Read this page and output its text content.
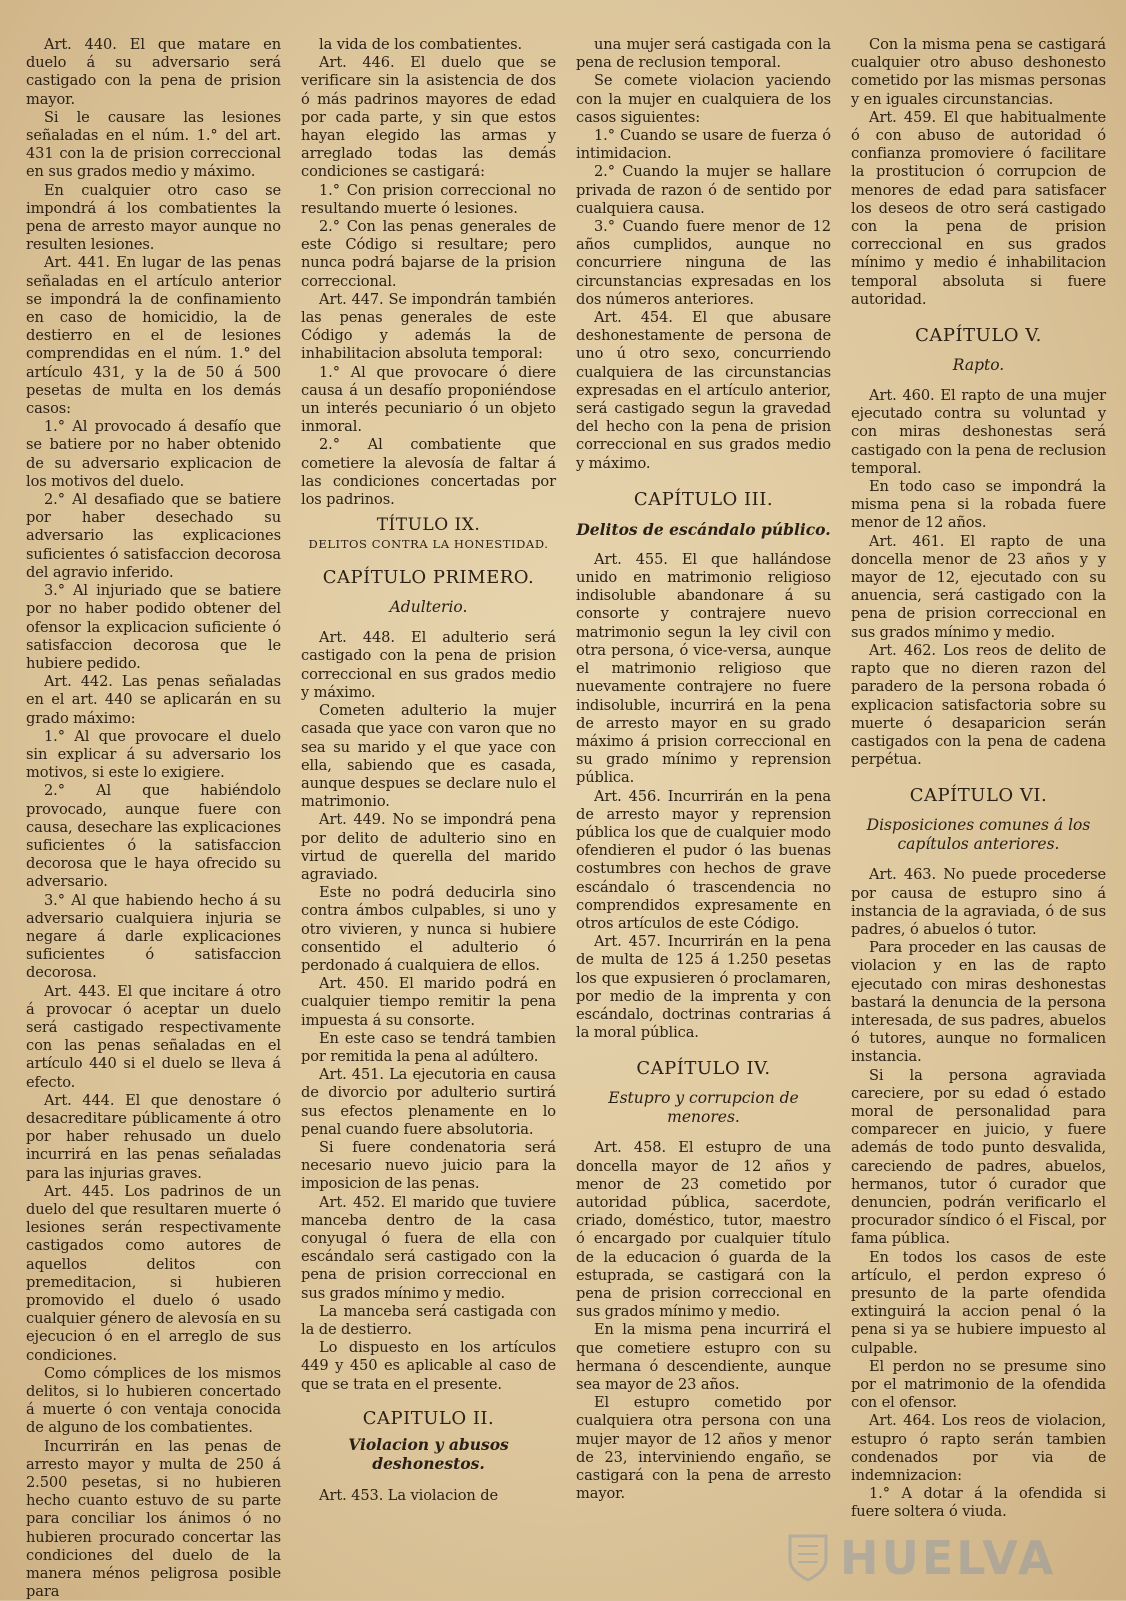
Art. 440. El que matare en duelo á su adversario será castigado con la pena de prision mayor.

Si le causare las lesiones señaladas en el núm. 1.° del art. 431 con la de prision correccional en sus grados medio y máximo.

En cualquier otro caso se impondrá á los combatientes la pena de arresto mayor aunque no resulten lesiones.

Art. 441. En lugar de las penas señaladas en el artículo anterior se impondrá la de confinamiento en caso de homicidio, la de destierro en el de lesiones comprendidas en el núm. 1.° del artículo 431, y la de 50 á 500 pesetas de multa en los demás casos:

1.° Al provocado á desafío que se batiere por no haber obtenido de su adversario explicacion de los motivos del duelo.

2.° Al desafiado que se batiere por haber desechado su adversario las explicaciones suficientes ó satisfaccion decorosa del agravio inferido.

3.° Al injuriado que se batiere por no haber podido obtener del ofensor la explicacion suficiente ó satisfaccion decorosa que le hubiere pedido.

Art. 442. Las penas señaladas en el art. 440 se aplicarán en su grado máximo:

1.° Al que provocare el duelo sin explicar á su adversario los motivos, si este lo exigiere.

2.° Al que habiéndolo provocado, aunque fuere con causa, desechare las explicaciones suficientes ó la satisfaccion decorosa que le haya ofrecido su adversario.

3.° Al que habiendo hecho á su adversario cualquiera injuria se negare á darle explicaciones suficientes ó satisfaccion decorosa.

Art. 443. El que incitare á otro á provocar ó aceptar un duelo será castigado respectivamente con las penas señaladas en el artículo 440 si el duelo se lleva á efecto.

Art. 444. El que denostare ó desacreditare públicamente á otro por haber rehusado un duelo incurrirá en las penas señaladas para las injurias graves.

Art. 445. Los padrinos de un duelo del que resultaren muerte ó lesiones serán respectivamente castigados como autores de aquellos delitos con premeditacion, si hubieren promovido el duelo ó usado cualquier género de alevosía en su ejecucion ó en el arreglo de sus condiciones.

Como cómplices de los mismos delitos, si lo hubieren concertado á muerte ó con ventaja conocida de alguno de los combatientes.

Incurrirán en las penas de arresto mayor y multa de 250 á 2.500 pesetas, si no hubieren hecho cuanto estuvo de su parte para conciliar los ánimos ó no hubieren procurado concertar las condiciones del duelo de la manera ménos peligrosa posible para

la vida de los combatientes.

Art. 446. El duelo que se verificare sin la asistencia de dos ó más padrinos mayores de edad por cada parte, y sin que estos hayan elegido las armas y arreglado todas las demás condiciones se castigará:

1.° Con prision correccional no resultando muerte ó lesiones.

2.° Con las penas generales de este Código si resultare; pero nunca podrá bajarse de la prision correccional.

Art. 447. Se impondrán también las penas generales de este Código y además la de inhabilitacion absoluta temporal:

1.° Al que provocare ó diere causa á un desafío proponiéndose un interés pecuniario ó un objeto inmoral.

2.° Al combatiente que cometiere la alevosía de faltar á las condiciones concertadas por los padrinos.

TÍTULO IX.
DELITOS CONTRA LA HONESTIDAD.
CAPÍTULO PRIMERO.
Adulterio.

Art. 448. El adulterio será castigado con la pena de prision correccional en sus grados medio y máximo.

Cometen adulterio la mujer casada que yace con varon que no sea su marido y el que yace con ella, sabiendo que es casada, aunque despues se declare nulo el matrimonio.

Art. 449. No se impondrá pena por delito de adulterio sino en virtud de querella del marido agraviado.

Este no podrá deducirla sino contra ámbos culpables, si uno y otro vivieren, y nunca si hubiere consentido el adulterio ó perdonado á cualquiera de ellos.

Art. 450. El marido podrá en cualquier tiempo remitir la pena impuesta á su consorte.

En este caso se tendrá tambien por remitida la pena al adúltero.

Art. 451. La ejecutoria en causa de divorcio por adulterio surtirá sus efectos plenamente en lo penal cuando fuere absolutoria.

Si fuere condenatoria será necesario nuevo juicio para la imposicion de las penas.

Art. 452. El marido que tuviere manceba dentro de la casa conyugal ó fuera de ella con escándalo será castigado con la pena de prision correccional en sus grados mínimo y medio.

La manceba será castigada con la de destierro.

Lo dispuesto en los artículos 449 y 450 es aplicable al caso de que se trata en el presente.

CAPITULO II.
Violacion y abusos deshonestos.

Art. 453. La violacion de

una mujer será castigada con la pena de reclusion temporal.

Se comete violacion yaciendo con la mujer en cualquiera de los casos siguientes:

1.° Cuando se usare de fuerza ó intimidacion.

2.° Cuando la mujer se hallare privada de razon ó de sentido por cualquiera causa.

3.° Cuando fuere menor de 12 años cumplidos, aunque no concurriere ninguna de las circunstancias expresadas en los dos números anteriores.

Art. 454. El que abusare deshonestamente de persona de uno ú otro sexo, concurriendo cualquiera de las circunstancias expresadas en el artículo anterior, será castigado segun la gravedad del hecho con la pena de prision correccional en sus grados medio y máximo.

CAPÍTULO III.
Delitos de escándalo público.

Art. 455. El que hallándose unido en matrimonio religioso indisoluble abandonare á su consorte y contrajere nuevo matrimonio segun la ley civil con otra persona, ó vice-versa, aunque el matrimonio religioso que nuevamente contrajere no fuere indisoluble, incurrirá en la pena de arresto mayor en su grado máximo á prision correccional en su grado mínimo y reprension pública.

Art. 456. Incurrirán en la pena de arresto mayor y reprension pública los que de cualquier modo ofendieren el pudor ó las buenas costumbres con hechos de grave escándalo ó trascendencia no comprendidos expresamente en otros artículos de este Código.

Art. 457. Incurrirán en la pena de multa de 125 á 1.250 pesetas los que expusieren ó proclamaren, por medio de la imprenta y con escándalo, doctrinas contrarias á la moral pública.

CAPÍTULO IV.
Estupro y corrupcion de menores.

Art. 458. El estupro de una doncella mayor de 12 años y menor de 23 cometido por autoridad pública, sacerdote, criado, doméstico, tutor, maestro ó encargado por cualquier título de la educacion ó guarda de la estuprada, se castigará con la pena de prision correccional en sus grados mínimo y medio.

En la misma pena incurrirá el que cometiere estupro con su hermana ó descendiente, aunque sea mayor de 23 años.

El estupro cometido por cualquiera otra persona con una mujer mayor de 12 años y menor de 23, interviniendo engaño, se castigará con la pena de arresto mayor.

Con la misma pena se castigará cualquier otro abuso deshonesto cometido por las mismas personas y en iguales circunstancias.

Art. 459. El que habitualmente ó con abuso de autoridad ó confianza promoviere ó facilitare la prostitucion ó corrupcion de menores de edad para satisfacer los deseos de otro será castigado con la pena de prision correccional en sus grados mínimo y medio é inhabilitacion temporal absoluta si fuere autoridad.

CAPÍTULO V.
Rapto.

Art. 460. El rapto de una mujer ejecutado contra su voluntad y con miras deshonestas será castigado con la pena de reclusion temporal.

En todo caso se impondrá la misma pena si la robada fuere menor de 12 años.

Art. 461. El rapto de una doncella menor de 23 años y y mayor de 12, ejecutado con su anuencia, será castigado con la pena de prision correccional en sus grados mínimo y medio.

Art. 462. Los reos de delito de rapto que no dieren razon del paradero de la persona robada ó explicacion satisfactoria sobre su muerte ó desaparicion serán castigados con la pena de cadena perpétua.

CAPÍTULO VI.
Disposiciones comunes á los capítulos anteriores.

Art. 463. No puede procederse por causa de estupro sino á instancia de la agraviada, ó de sus padres, ó abuelos ó tutor.

Para proceder en las causas de violacion y en las de rapto ejecutado con miras deshonestas bastará la denuncia de la persona interesada, de sus padres, abuelos ó tutores, aunque no formalicen instancia.

Si la persona agraviada careciere, por su edad ó estado moral de personalidad para comparecer en juicio, y fuere además de todo punto desvalida, careciendo de padres, abuelos, hermanos, tutor ó curador que denuncien, podrán verificarlo el procurador síndico ó el Fiscal, por fama pública.

En todos los casos de este artículo, el perdon expreso ó presunto de la parte ofendida extinguirá la accion penal ó la pena si ya se hubiere impuesto al culpable.

El perdon no se presume sino por el matrimonio de la ofendida con el ofensor.

Art. 464. Los reos de violacion, estupro ó rapto serán tambien condenados por via de indemnizacion:

1.° A dotar á la ofendida si fuere soltera ó viuda.

HUELVA
